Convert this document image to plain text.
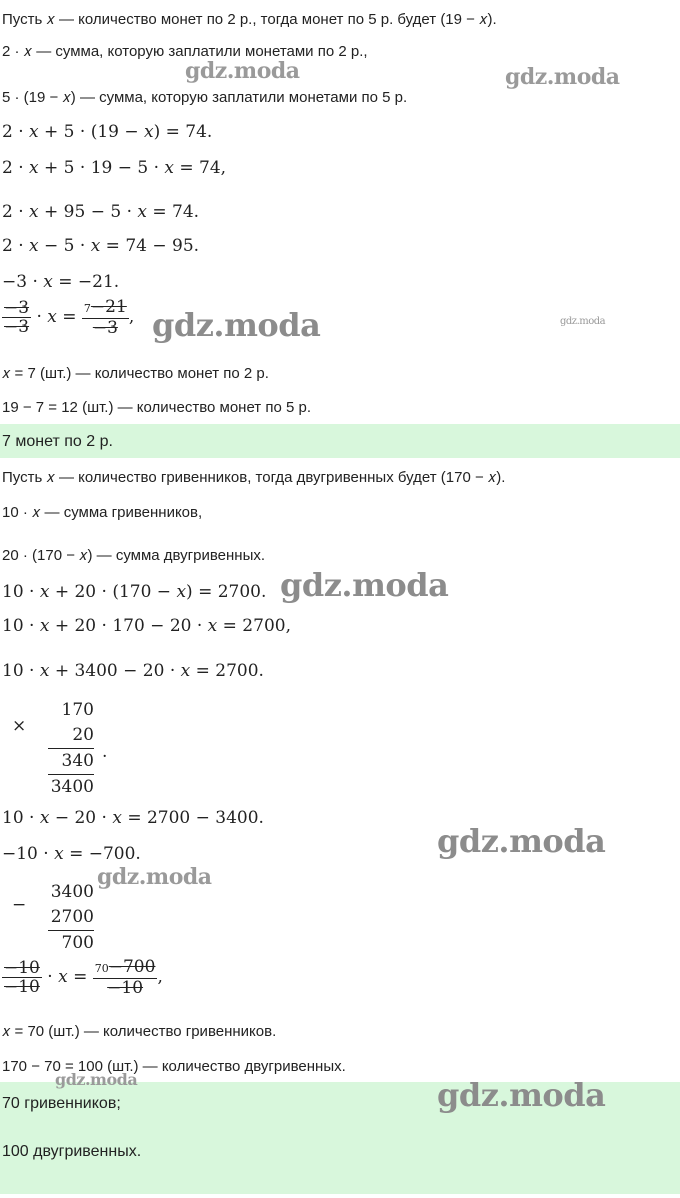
Пусть 𝑥 — количество монет по 2 р., тогда монет по 5 р. будет (19 − 𝑥).
2 · 𝑥 — сумма, которую заплатили монетами по 2 р.,
5 · (19 − 𝑥) — сумма, которую заплатили монетами по 5 р.
2 · 𝑥 + 5 · (19 − 𝑥) = 74.
2 · 𝑥 + 5 · 19 − 5 · 𝑥 = 74,
2 · 𝑥 + 95 − 5 · 𝑥 = 74.
2 · 𝑥 − 5 · 𝑥 = 74 − 95.
−3 · 𝑥 = −21.
$\frac{-3}{-3}$ · 𝑥 = $\frac{7-21}{-3}$ ,
𝑥 = 7 (шт.) — количество монет по 2 р.
19 − 7 = 12 (шт.) — количество монет по 5 р.
7 монет по 2 р.
Пусть 𝑥 — количество гривенников, тогда двугривенных будет (170 − 𝑥).
10 · 𝑥 — сумма гривенников,
20 · (170 − 𝑥) — сумма двугривенных.
10 · 𝑥 + 20 · (170 − 𝑥) = 2700.
10 · 𝑥 + 20 · 170 − 20 · 𝑥 = 2700,
10 · 𝑥 + 3400 − 20 · 𝑥 = 2700.
×
170
20
340
3400
.
10 · 𝑥 − 20 · 𝑥 = 2700 − 3400.
−10 · 𝑥 = −700.
−
3400
2700
700
$\frac{-10}{-10}$ · 𝑥 = $\frac{70-700}{-10}$ ,
𝑥 = 70 (шт.) — количество гривенников.
170 − 70 = 100 (шт.) — количество двугривенных.
70 гривенников;
100 двугривенных.
gdz.moda	gdz.moda
gdz.moda	gdz.moda
gdz.moda
gdz.moda
gdz.moda
gdz.moda	gdz.moda
